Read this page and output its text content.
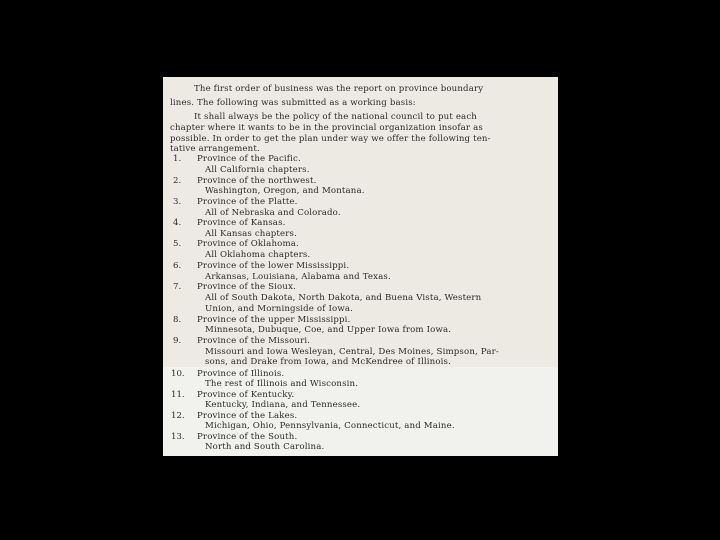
The first order of business was the report on province boundary
lines. The following was submitted as a working basis:
It shall always be the policy of the national council to put each
chapter where it wants to be in the provincial organization insofar as
possible. In order to get the plan under way we offer the following ten-
tative arrangement.
1. Province of the Pacific.
All California chapters.
2. Province of the northwest.
Washington, Oregon, and Montana.
3. Province of the Platte.
All of Nebraska and Colorado.
4. Province of Kansas.
All Kansas chapters.
5. Province of Oklahoma.
All Oklahoma chapters.
6. Province of the lower Mississippi.
Arkansas, Louisiana, Alabama and Texas.
7. Province of the Sioux.
All of South Dakota, North Dakota, and Buena Vista, Western
Union, and Morningside of Iowa.
8. Province of the upper Mississippi.
Minnesota, Dubuque, Coe, and Upper Iowa from Iowa.
9. Province of the Missouri.
Missouri and Iowa Wesleyan, Central, Des Moines, Simpson, Par-
sons, and Drake from Iowa, and McKendree of Illinois.
10. Province of Illinois.
The rest of Illinois and Wisconsin.
11. Province of Kentucky.
Kentucky, Indiana, and Tennessee.
12. Province of the Lakes.
Michigan, Ohio, Pennsylvania, Connecticut, and Maine.
13. Province of the South.
North and South Carolina.
